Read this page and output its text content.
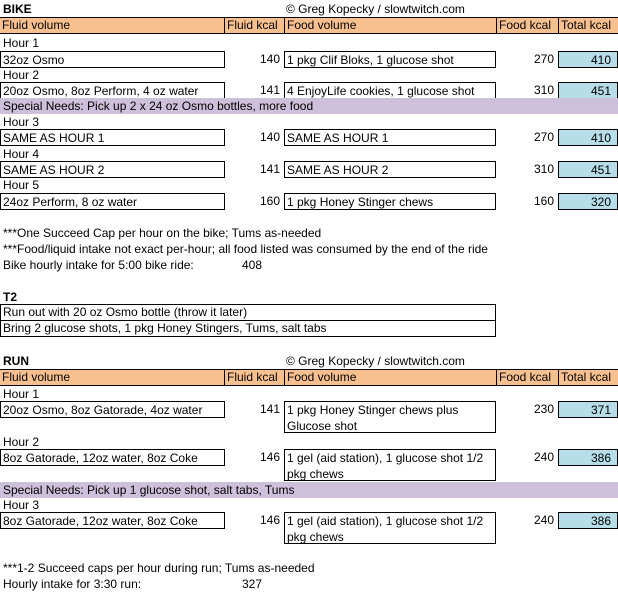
BIKE	© Greg Kopecky / slowtwitch.com
Fluid volume	Fluid kcal Food volume	Food kcal Total kcal
Hour 1
32oz Osmo	140 1 pkg Clif Bloks, 1 glucose shot	270	410
Hour 2
20oz Osmo, 8oz Perform, 4 oz water	141 4 EnjoyLife cookies, 1 glucose shot	310	451
Special Needs: Pick up 2 x 24 oz Osmo bottles, more food
Hour 3
SAME AS HOUR 1	140 SAME AS HOUR 1	270	410
Hour 4
SAME AS HOUR 2	141 SAME AS HOUR 2	310	451
Hour 5
24oz Perform, 8 oz water	160 1 pkg Honey Stinger chews	160	320
***One Succeed Cap per hour on the bike; Tums as-needed
***Food/liquid intake not exact per-hour; all food listed was consumed by the end of the ride
Bike hourly intake for 5:00 bike ride:	408
T2
Run out with 20 oz Osmo bottle (throw it later)
Bring 2 glucose shots, 1 pkg Honey Stingers, Tums, salt tabs
RUN	© Greg Kopecky / slowtwitch.com
Fluid volume	Fluid kcal Food volume	Food kcal Total kcal
Hour 1
20oz Osmo, 8oz Gatorade, 4oz water	141 1 pkg Honey Stinger chews plus Glucose shot
230	371
Hour 2
8oz Gatorade, 12oz water, 8oz Coke	146 1 gel (aid station), 1 glucose shot 1/2 pkg chews
240	386
Special Needs: Pick up 1 glucose shot, salt tabs, Tums
Hour 3
8oz Gatorade, 12oz water, 8oz Coke	146 1 gel (aid station), 1 glucose shot 1/2 pkg chews
240	386
***1-2 Succeed caps per hour during run; Tums as-needed
Hourly intake for 3:30 run:	327
